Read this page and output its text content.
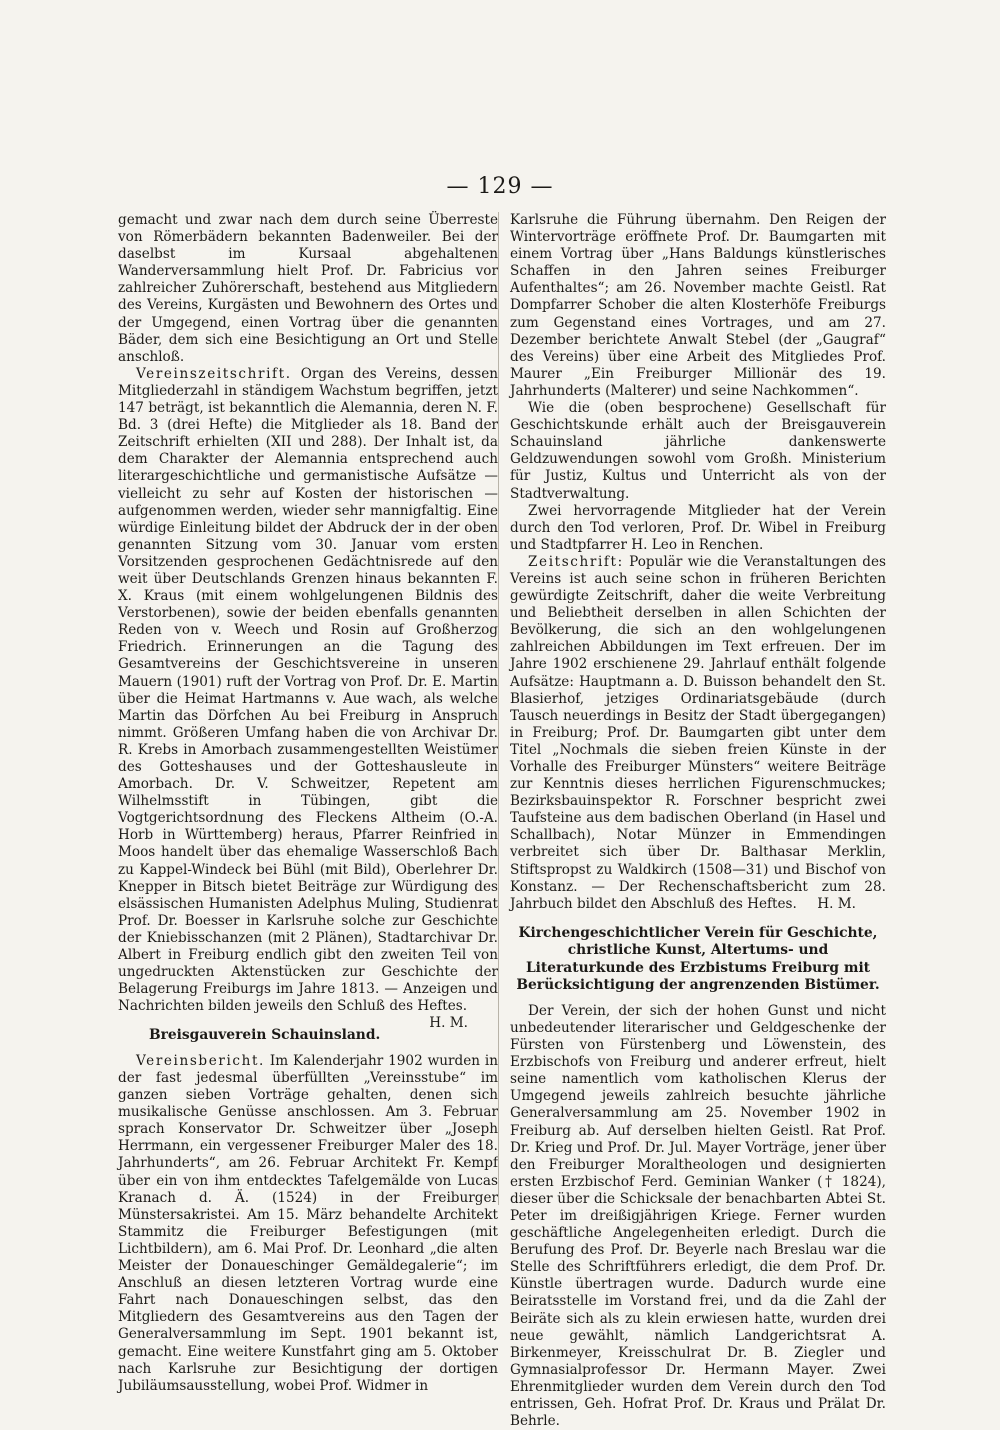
— 129 —

gemacht und zwar nach dem durch seine Überreste von Römerbädern bekannten Badenweiler. Bei der daselbst im Kursaal abgehaltenen Wanderversammlung hielt Prof. Dr. Fabricius vor zahlreicher Zuhörerschaft, bestehend aus Mitgliedern des Vereins, Kurgästen und Bewohnern des Ortes und der Umgegend, einen Vortrag über die genannten Bäder, dem sich eine Besichtigung an Ort und Stelle anschloß.

Vereinszeitschrift. Organ des Vereins, dessen Mitgliederzahl in ständigem Wachstum begriffen, jetzt 147 beträgt, ist bekanntlich die Alemannia, deren N. F. Bd. 3 (drei Hefte) die Mitglieder als 18. Band der Zeitschrift erhielten (XII und 288). Der Inhalt ist, da dem Charakter der Alemannia entsprechend auch literargeschichtliche und germanistische Aufsätze — vielleicht zu sehr auf Kosten der historischen — aufgenommen werden, wieder sehr mannigfaltig. Eine würdige Einleitung bildet der Abdruck der in der oben genannten Sitzung vom 30. Januar vom ersten Vorsitzenden gesprochenen Gedächtnisrede auf den weit über Deutschlands Grenzen hinaus bekannten F. X. Kraus (mit einem wohlgelungenen Bildnis des Verstorbenen), sowie der beiden ebenfalls genannten Reden von v. Weech und Rosin auf Großherzog Friedrich. Erinnerungen an die Tagung des Gesamtvereins der Geschichtsvereine in unseren Mauern (1901) ruft der Vortrag von Prof. Dr. E. Martin über die Heimat Hartmanns v. Aue wach, als welche Martin das Dörfchen Au bei Freiburg in Anspruch nimmt. Größeren Umfang haben die von Archivar Dr. R. Krebs in Amorbach zusammengestellten Weistümer des Gotteshauses und der Gotteshausleute in Amorbach. Dr. V. Schweitzer, Repetent am Wilhelmsstift in Tübingen, gibt die Vogtgerichtsordnung des Fleckens Altheim (O.-A. Horb in Württemberg) heraus, Pfarrer Reinfried in Moos handelt über das ehemalige Wasserschloß Bach zu Kappel-Windeck bei Bühl (mit Bild), Oberlehrer Dr. Knepper in Bitsch bietet Beiträge zur Würdigung des elsässischen Humanisten Adelphus Muling, Studienrat Prof. Dr. Boesser in Karlsruhe solche zur Geschichte der Kniebisschanzen (mit 2 Plänen), Stadtarchivar Dr. Albert in Freiburg endlich gibt den zweiten Teil von ungedruckten Aktenstücken zur Geschichte der Belagerung Freiburgs im Jahre 1813. — Anzeigen und Nachrichten bilden jeweils den Schluß des Heftes.
H. M.

Breisgauverein Schauinsland.

Vereinsbericht. Im Kalenderjahr 1902 wurden in der fast jedesmal überfüllten „Vereinsstube“ im ganzen sieben Vorträge gehalten, denen sich musikalische Genüsse anschlossen. Am 3. Februar sprach Konservator Dr. Schweitzer über „Joseph Herrmann, ein vergessener Freiburger Maler des 18. Jahrhunderts“, am 26. Februar Architekt Fr. Kempf über ein von ihm entdecktes Tafelgemälde von Lucas Kranach d. Ä. (1524) in der Freiburger Münstersakristei. Am 15. März behandelte Architekt Stammitz die Freiburger Befestigungen (mit Lichtbildern), am 6. Mai Prof. Dr. Leonhard „die alten Meister der Donaueschinger Gemäldegalerie“; im Anschluß an diesen letzteren Vortrag wurde eine Fahrt nach Donaueschingen selbst, das den Mitgliedern des Gesamtvereins aus den Tagen der Generalversammlung im Sept. 1901 bekannt ist, gemacht. Eine weitere Kunstfahrt ging am 5. Oktober nach Karlsruhe zur Besichtigung der dortigen Jubiläumsausstellung, wobei Prof. Widmer in

Karlsruhe die Führung übernahm. Den Reigen der Wintervorträge eröffnete Prof. Dr. Baumgarten mit einem Vortrag über „Hans Baldungs künstlerisches Schaffen in den Jahren seines Freiburger Aufenthaltes“; am 26. November machte Geistl. Rat Dompfarrer Schober die alten Klosterhöfe Freiburgs zum Gegenstand eines Vortrages, und am 27. Dezember berichtete Anwalt Stebel (der „Gaugraf“ des Vereins) über eine Arbeit des Mitgliedes Prof. Maurer „Ein Freiburger Millionär des 19. Jahrhunderts (Malterer) und seine Nachkommen“.

Wie die (oben besprochene) Gesellschaft für Geschichtskunde erhält auch der Breisgauverein Schauinsland jährliche dankenswerte Geldzuwendungen sowohl vom Großh. Ministerium für Justiz, Kultus und Unterricht als von der Stadtverwaltung.

Zwei hervorragende Mitglieder hat der Verein durch den Tod verloren, Prof. Dr. Wibel in Freiburg und Stadtpfarrer H. Leo in Renchen.

Zeitschrift: Populär wie die Veranstaltungen des Vereins ist auch seine schon in früheren Berichten gewürdigte Zeitschrift, daher die weite Verbreitung und Beliebtheit derselben in allen Schichten der Bevölkerung, die sich an den wohlgelungenen zahlreichen Abbildungen im Text erfreuen. Der im Jahre 1902 erschienene 29. Jahrlauf enthält folgende Aufsätze: Hauptmann a. D. Buisson behandelt den St. Blasierhof, jetziges Ordinariatsgebäude (durch Tausch neuerdings in Besitz der Stadt übergegangen) in Freiburg; Prof. Dr. Baumgarten gibt unter dem Titel „Nochmals die sieben freien Künste in der Vorhalle des Freiburger Münsters“ weitere Beiträge zur Kenntnis dieses herrlichen Figurenschmuckes; Bezirksbauinspektor R. Forschner bespricht zwei Taufsteine aus dem badischen Oberland (in Hasel und Schallbach), Notar Münzer in Emmendingen verbreitet sich über Dr. Balthasar Merklin, Stiftspropst zu Waldkirch (1508—31) und Bischof von Konstanz. — Der Rechenschaftsbericht zum 28. Jahrbuch bildet den Abschluß des Heftes.	H. M.

Kirchengeschichtlicher Verein für Geschichte, christliche Kunst, Altertums- und Literaturkunde des Erzbistums Freiburg mit Berücksichtigung der angrenzenden Bistümer.

Der Verein, der sich der hohen Gunst und nicht unbedeutender literarischer und Geldgeschenke der Fürsten von Fürstenberg und Löwenstein, des Erzbischofs von Freiburg und anderer erfreut, hielt seine namentlich vom katholischen Klerus der Umgegend jeweils zahlreich besuchte jährliche Generalversammlung am 25. November 1902 in Freiburg ab. Auf derselben hielten Geistl. Rat Prof. Dr. Krieg und Prof. Dr. Jul. Mayer Vorträge, jener über den Freiburger Moraltheologen und designierten ersten Erzbischof Ferd. Geminian Wanker († 1824), dieser über die Schicksale der benachbarten Abtei St. Peter im dreißigjährigen Kriege. Ferner wurden geschäftliche Angelegenheiten erledigt. Durch die Berufung des Prof. Dr. Beyerle nach Breslau war die Stelle des Schriftführers erledigt, die dem Prof. Dr. Künstle übertragen wurde. Dadurch wurde eine Beiratsstelle im Vorstand frei, und da die Zahl der Beiräte sich als zu klein erwiesen hatte, wurden drei neue gewählt, nämlich Landgerichtsrat A. Birkenmeyer, Kreisschulrat Dr. B. Ziegler und Gymnasialprofessor Dr. Hermann Mayer. Zwei Ehrenmitglieder wurden dem Verein durch den Tod entrissen, Geh. Hofrat Prof. Dr. Kraus und Prälat Dr. Behrle.
